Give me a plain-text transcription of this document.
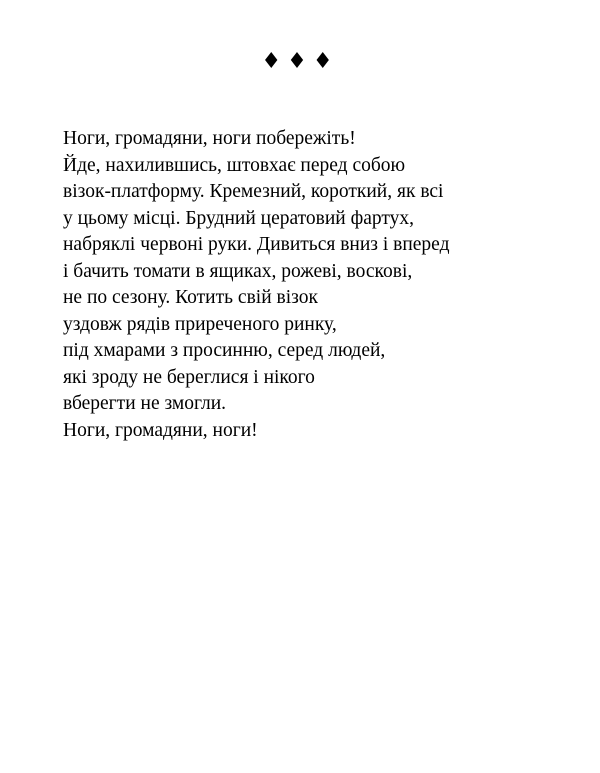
♦♦♦
Ноги, громадяни, ноги побережіть!
Йде, нахилившись, штовхає перед собою
візок-платформу. Кремезний, короткий, як всі
у цьому місці. Брудний цератовий фартух,
набряклі червоні руки. Дивиться вниз і вперед
і бачить томати в ящиках, рожеві, воскові,
не по сезону. Котить свій візок
уздовж рядів приреченого ринку,
під хмарами з просинню, серед людей,
які зроду не береглися і нікого
вберегти не змогли.
Ноги, громадяни, ноги!
